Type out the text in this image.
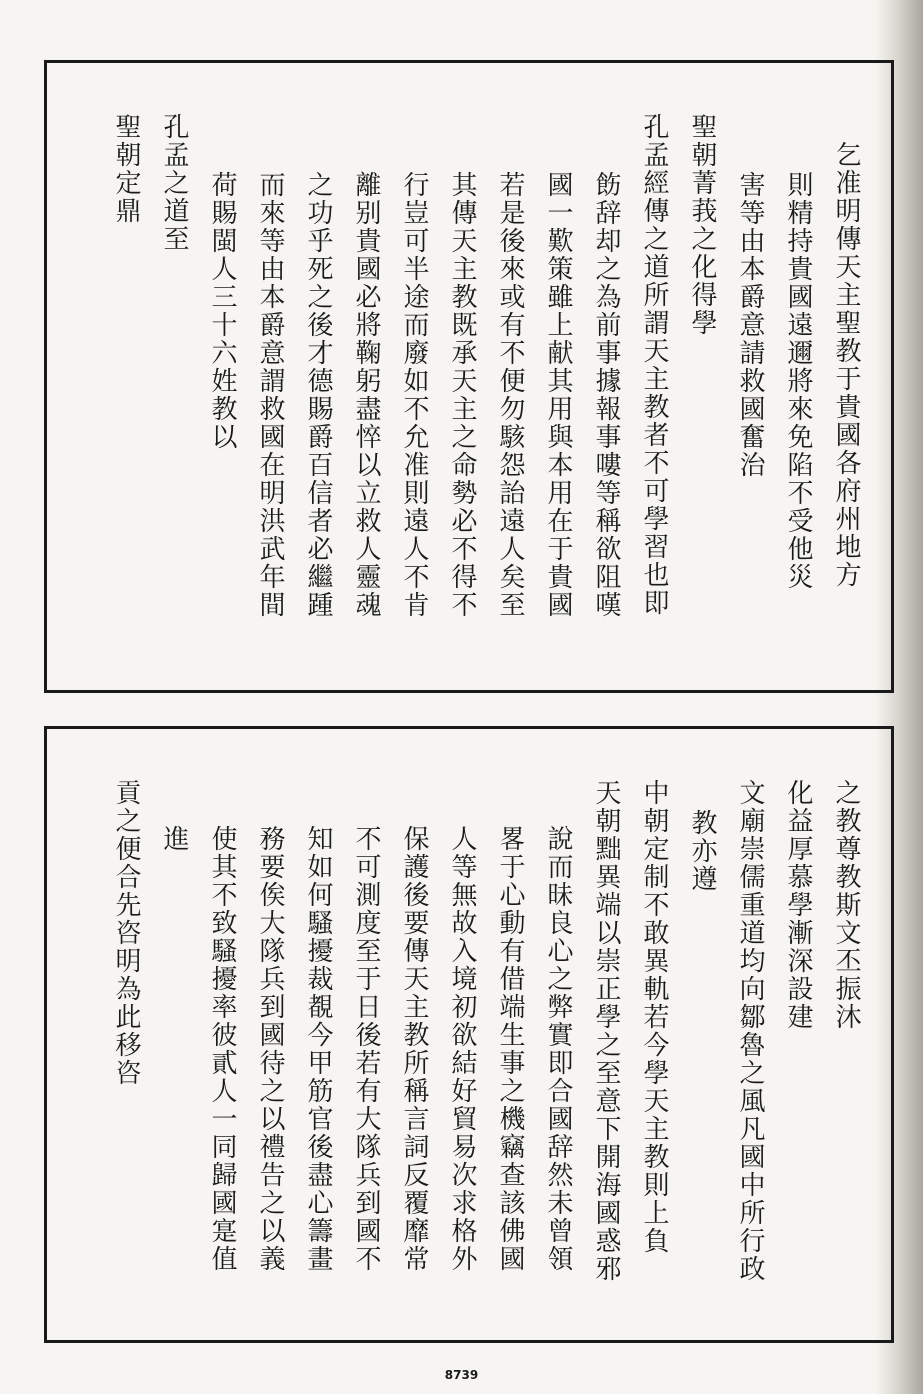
乞准明傳天主聖教于貴國各府州地方

則精持貴國遠邇將來免陷不受他災

害等由本爵意請救國奮治

聖朝菁莪之化得學

孔孟經傳之道所謂天主教者不可學習也即

飭辞却之為前事據報事嘍等稱欲阻嘆

國一歎策雖上献其用與本用在于貴國

若是後來或有不便勿駭怨詒遠人矣至

其傳天主教既承天主之命勢必不得不

行豈可半途而廢如不允准則遠人不肯

離别貴國必將鞠躬盡悴以立救人靈魂

之功乎死之後才德賜爵百信者必繼踵

而來等由本爵意謂救國在明洪武年間

荷賜閩人三十六姓教以

孔孟之道至

聖朝定鼎

之教尊教斯文丕振沐

化益厚慕學漸深設建

文廟崇儒重道均向鄒魯之風凡國中所行政

教亦遵

中朝定制不敢異軌若今學天主教則上負

天朝黜異端以崇正學之至意下開海國惑邪

說而昧良心之弊實即合國辞然未曾領

畧于心動有借端生事之機竊查該佛國

人等無故入境初欲結好貿易次求格外

保護後要傳天主教所稱言詞反覆靡常

不可測度至于日後若有大隊兵到國不

知如何騷擾裁覩今甲筋官後盡心籌畫

務要俟大隊兵到國待之以禮告之以義

使其不致騷擾率彼貳人一同歸國寔值

進

貢之便合先咨明為此移咨

8739
